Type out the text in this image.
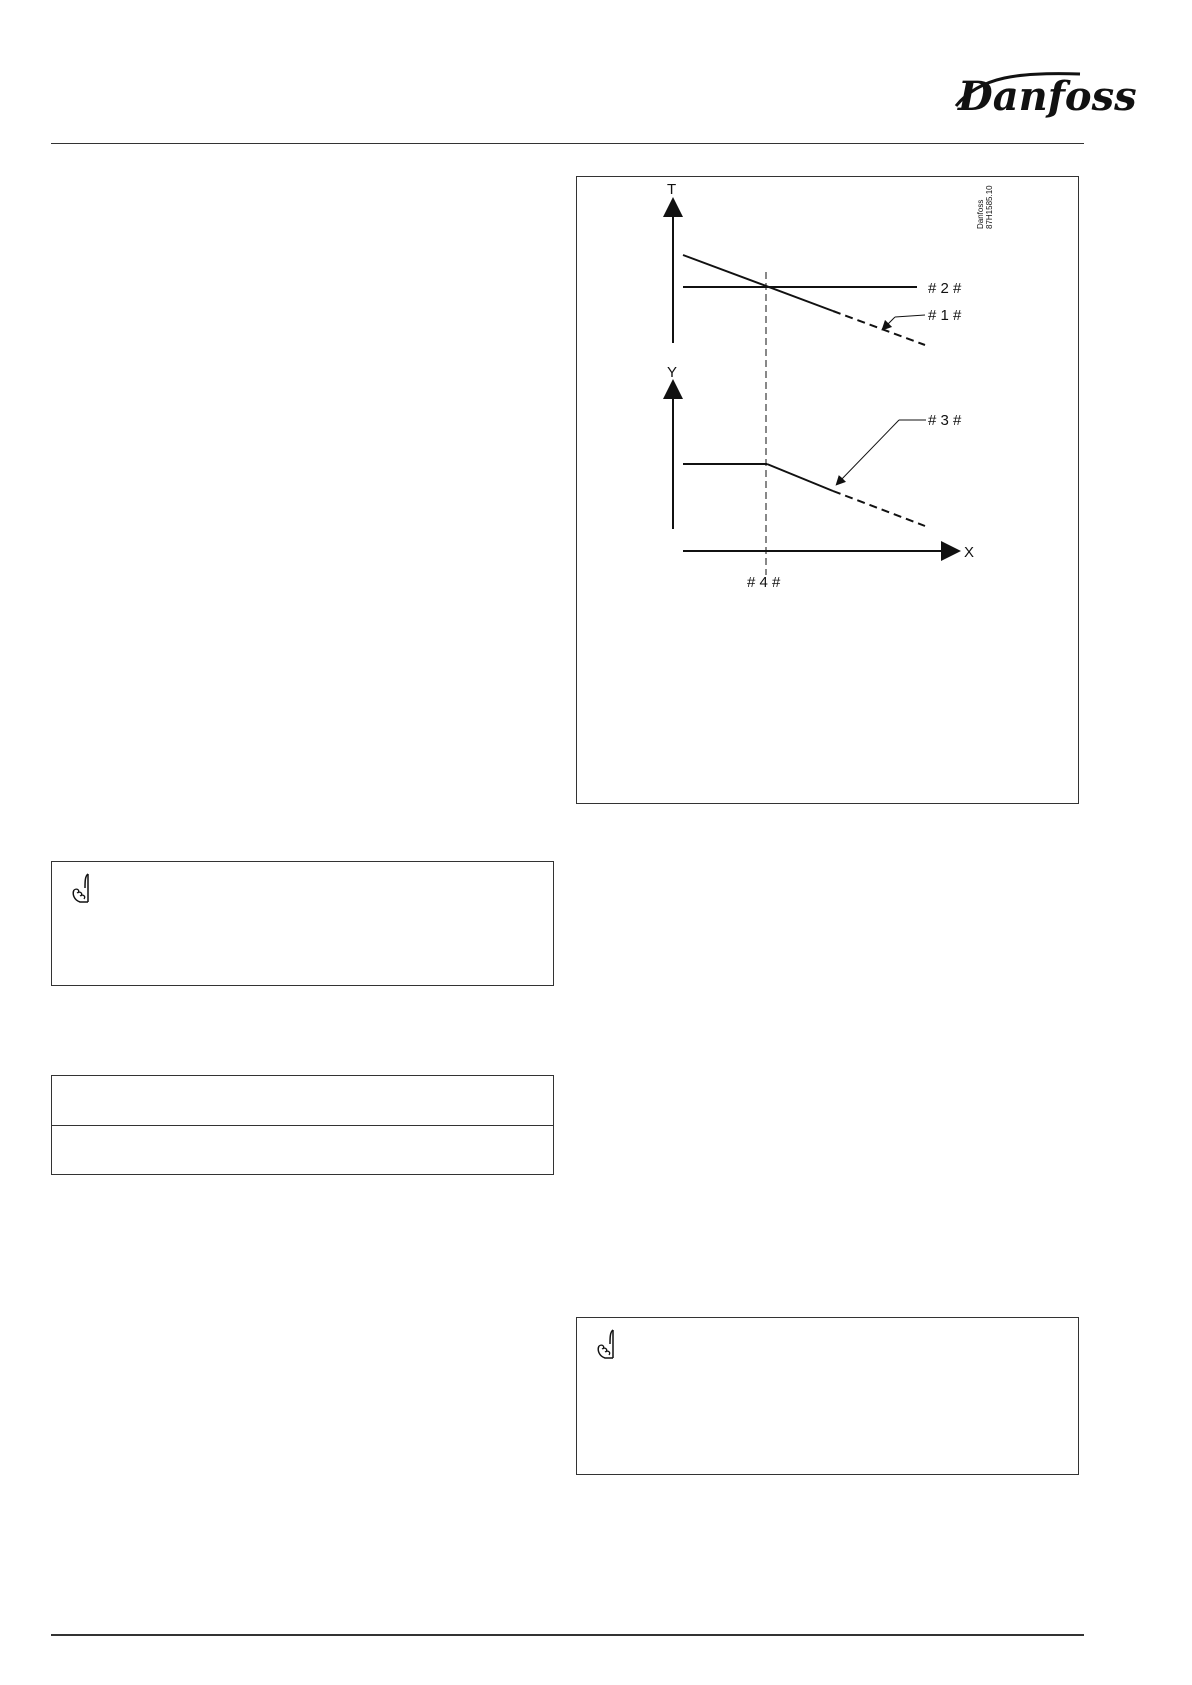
Danfoss
Danfoss 87H1585.10
T
# 2 #
# 1 #
Y
# 3 #
X
# 4 #
